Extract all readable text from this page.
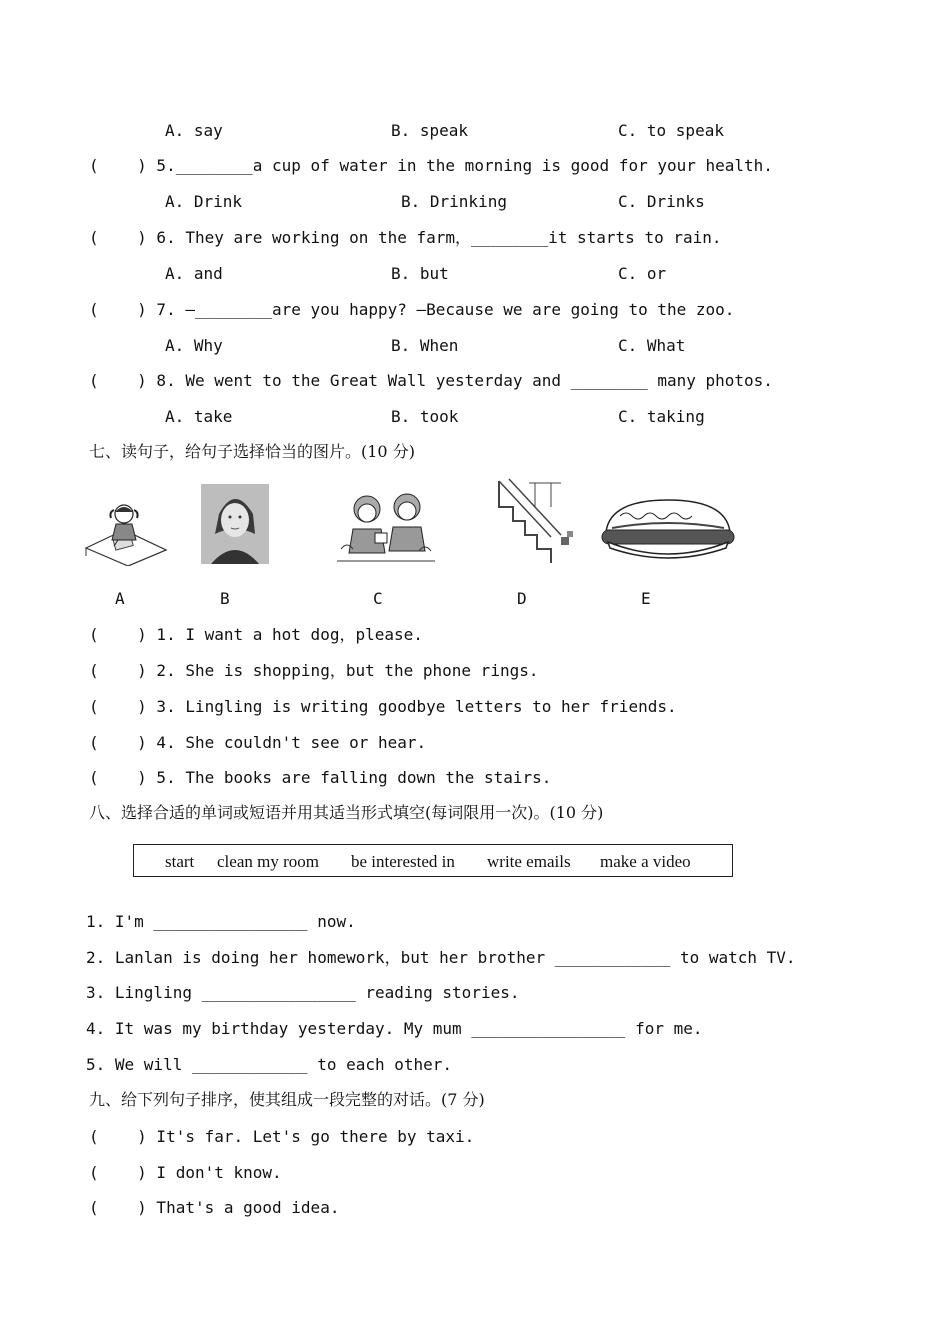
A. say	B. speak	C. to speak
(    ) 5.________a cup of water in the morning is good for your health.
A. Drink	B. Drinking	C. Drinks
(    ) 6. They are working on the farm，________it starts to rain.
A. and	B. but	C. or
(    ) 7. —________are you happy? —Because we are going to the zoo.
A. Why	B. When	C. What
(    ) 8. We went to the Great Wall yesterday and ________ many photos.
A. take	B. took	C. taking
七、读句子，给句子选择恰当的图片。(10 分)
A	B	C	D	E
(    ) 1. I want a hot dog，please.
(    ) 2. She is shopping，but the phone rings.
(    ) 3. Lingling is writing goodbye letters to her friends.
(    ) 4. She couldn't see or hear.
(    ) 5. The books are falling down the stairs.
八、选择合适的单词或短语并用其适当形式填空(每词限用一次)。(10 分)
start clean my room be interested in write emails make a video
1. I'm ________________ now.
2. Lanlan is doing her homework，but her brother ____________ to watch TV.
3. Lingling ________________ reading stories.
4. It was my birthday yesterday. My mum ________________ for me.
5. We will ____________ to each other.
九、给下列句子排序，使其组成一段完整的对话。(7 分)
(    ) It's far. Let's go there by taxi.
(    ) I don't know.
(    ) That's a good idea.
